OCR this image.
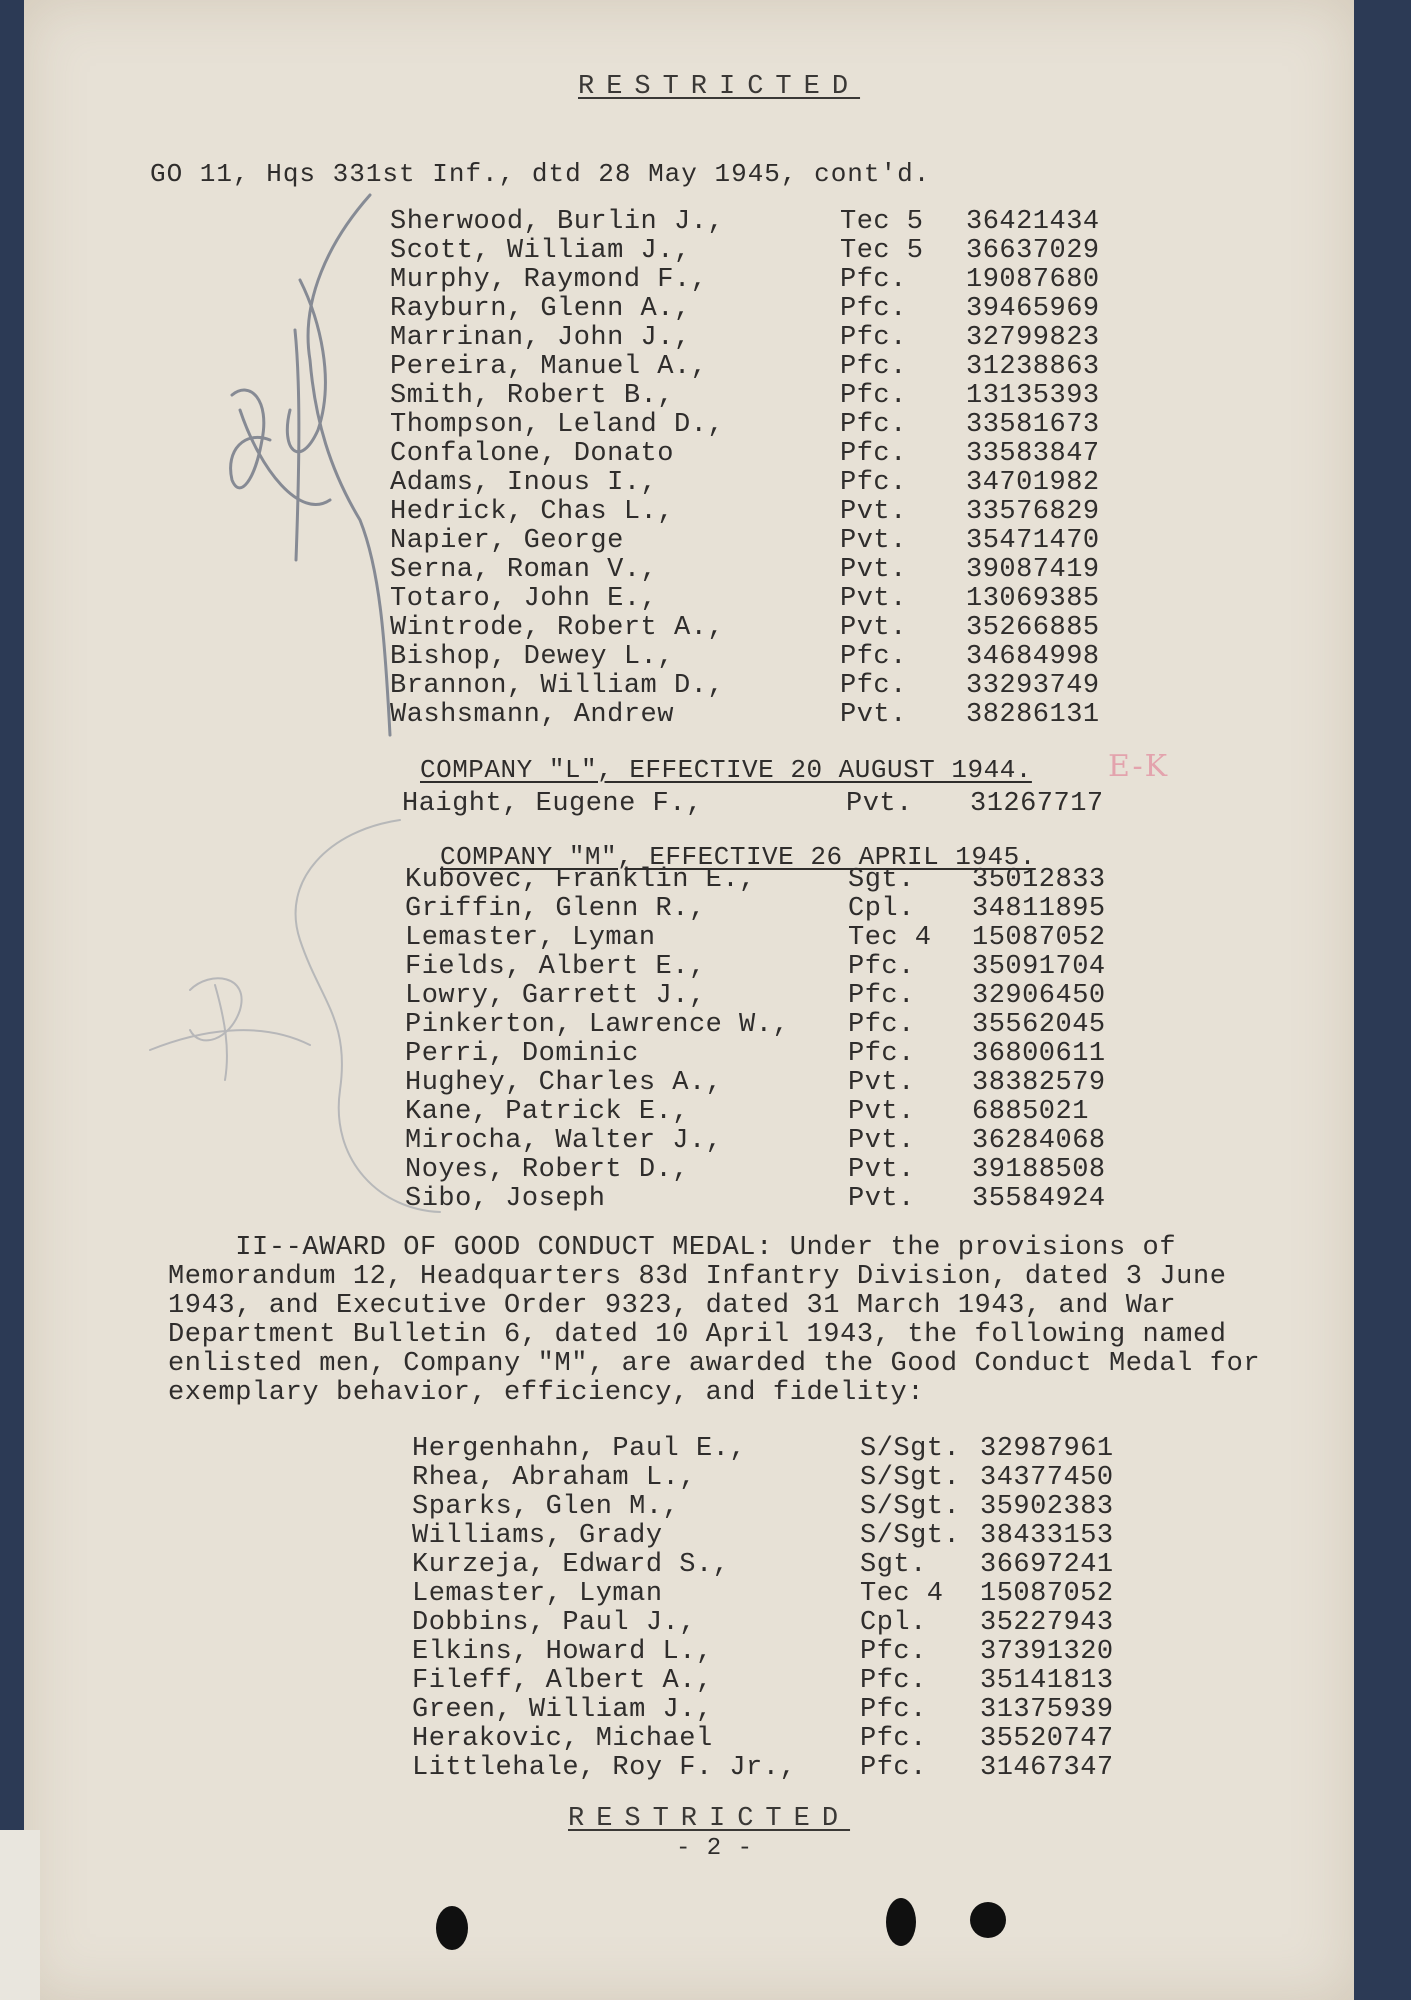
RESTRICTED
GO 11, Hqs 331st Inf., dtd 28 May 1945, cont'd.
Sherwood, Burlin J.,	Tec 5 36421434
Scott, William J.,	Tec 5 36637029
Murphy, Raymond F.,	Pfc. 19087680
Rayburn, Glenn A.,	Pfc. 39465969
Marrinan, John J.,	Pfc. 32799823
Pereira, Manuel A.,	Pfc. 31238863
Smith, Robert B.,	Pfc. 13135393
Thompson, Leland D.,	Pfc. 33581673
Confalone, Donato	Pfc. 33583847
Adams, Inous I.,	Pfc. 34701982
Hedrick, Chas L.,	Pvt. 33576829
Napier, George	Pvt. 35471470
Serna, Roman V.,	Pvt. 39087419
Totaro, John E.,	Pvt. 13069385
Wintrode, Robert A.,	Pvt. 35266885
Bishop, Dewey L.,	Pfc. 34684998
Brannon, William D.,	Pfc. 33293749
Washsmann, Andrew	Pvt. 38286131
COMPANY "L", EFFECTIVE 20 AUGUST 1944.
Haight, Eugene F.,	Pvt. 31267717
E-K
COMPANY "M", EFFECTIVE 26 APRIL 1945.
Kubovec, Franklin E.,	Sgt. 35012833
Griffin, Glenn R.,	Cpl. 34811895
Lemaster, Lyman	Tec 4 15087052
Fields, Albert E.,	Pfc. 35091704
Lowry, Garrett J.,	Pfc. 32906450
Pinkerton, Lawrence W., Pfc. 35562045
Perri, Dominic	Pfc. 36800611
Hughey, Charles A.,	Pvt. 38382579
Kane, Patrick E.,	Pvt. 6885021
Mirocha, Walter J.,	Pvt. 36284068
Noyes, Robert D.,	Pvt. 39188508
Sibo, Joseph	Pvt. 35584924
II--AWARD OF GOOD CONDUCT MEDAL: Under the provisions of
Memorandum 12, Headquarters 83d Infantry Division, dated 3 June
1943, and Executive Order 9323, dated 31 March 1943, and War
Department Bulletin 6, dated 10 April 1943, the following named
enlisted men, Company "M", are awarded the Good Conduct Medal for
exemplary behavior, efficiency, and fidelity:
Hergenhahn, Paul E.,	S/Sgt. 32987961
Rhea, Abraham L.,	S/Sgt. 34377450
Sparks, Glen M.,	S/Sgt. 35902383
Williams, Grady	S/Sgt. 38433153
Kurzeja, Edward S.,	Sgt. 36697241
Lemaster, Lyman	Tec 4 15087052
Dobbins, Paul J.,	Cpl. 35227943
Elkins, Howard L.,	Pfc. 37391320
Fileff, Albert A.,	Pfc. 35141813
Green, William J.,	Pfc. 31375939
Herakovic, Michael	Pfc. 35520747
Littlehale, Roy F. Jr., Pfc. 31467347
RESTRICTED
- 2 -
